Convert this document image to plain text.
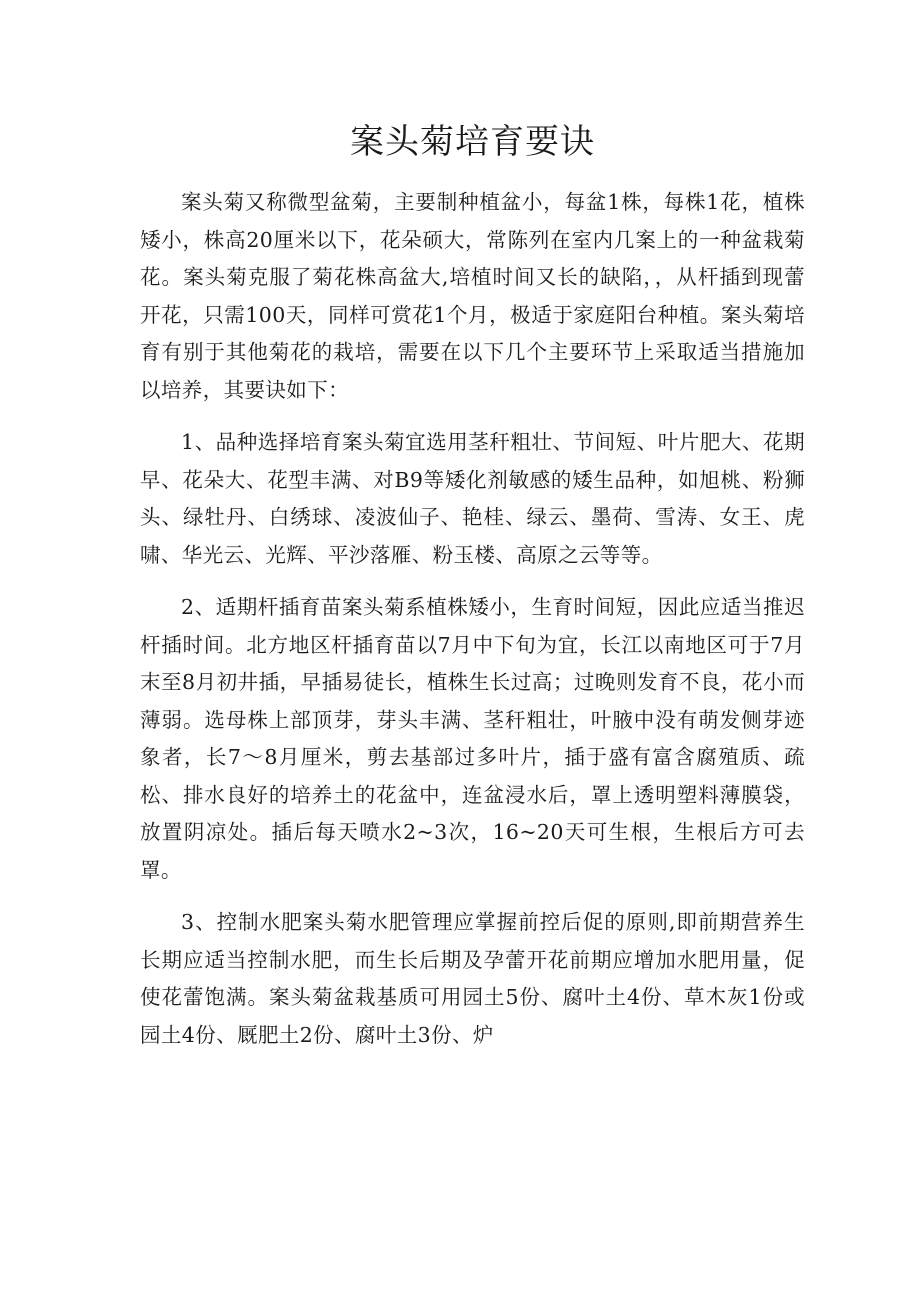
案头菊培育要诀

案头菊又称微型盆菊，主要制种植盆小，每盆1株，每株1花，植株矮小，株高20厘米以下，花朵硕大，常陈列在室内几案上的一种盆栽菊花。案头菊克服了菊花株高盆大,培植时间又长的缺陷，，从杆插到现蕾开花，只需100天，同样可赏花1个月，极适于家庭阳台种植。案头菊培育有别于其他菊花的栽培，需要在以下几个主要环节上采取适当措施加以培养，其要诀如下：

1、品种选择培育案头菊宜选用茎秆粗壮、节间短、叶片肥大、花期早、花朵大、花型丰满、对B9等矮化剂敏感的矮生品种，如旭桃、粉狮头、绿牡丹、白绣球、凌波仙子、艳桂、绿云、墨荷、雪涛、女王、虎啸、华光云、光辉、平沙落雁、粉玉楼、高原之云等等。

2、适期杆插育苗案头菊系植株矮小，生育时间短，因此应适当推迟杆插时间。北方地区杆插育苗以7月中下旬为宜，长江以南地区可于7月末至8月初井插，早插易徒长，植株生长过高；过晚则发育不良，花小而薄弱。选母株上部顶芽，芽头丰满、茎秆粗壮，叶腋中没有萌发侧芽迹象者，长7～8月厘米，剪去基部过多叶片，插于盛有富含腐殖质、疏松、排水良好的培养土的花盆中，连盆浸水后，罩上透明塑料薄膜袋，放置阴凉处。插后每天喷水2~3次，16~20天可生根，生根后方可去罩。

3、控制水肥案头菊水肥管理应掌握前控后促的原则,即前期营养生长期应适当控制水肥，而生长后期及孕蕾开花前期应增加水肥用量，促使花蕾饱满。案头菊盆栽基质可用园土5份、腐叶土4份、草木灰1份或园土4份、厩肥土2份、腐叶土3份、炉
